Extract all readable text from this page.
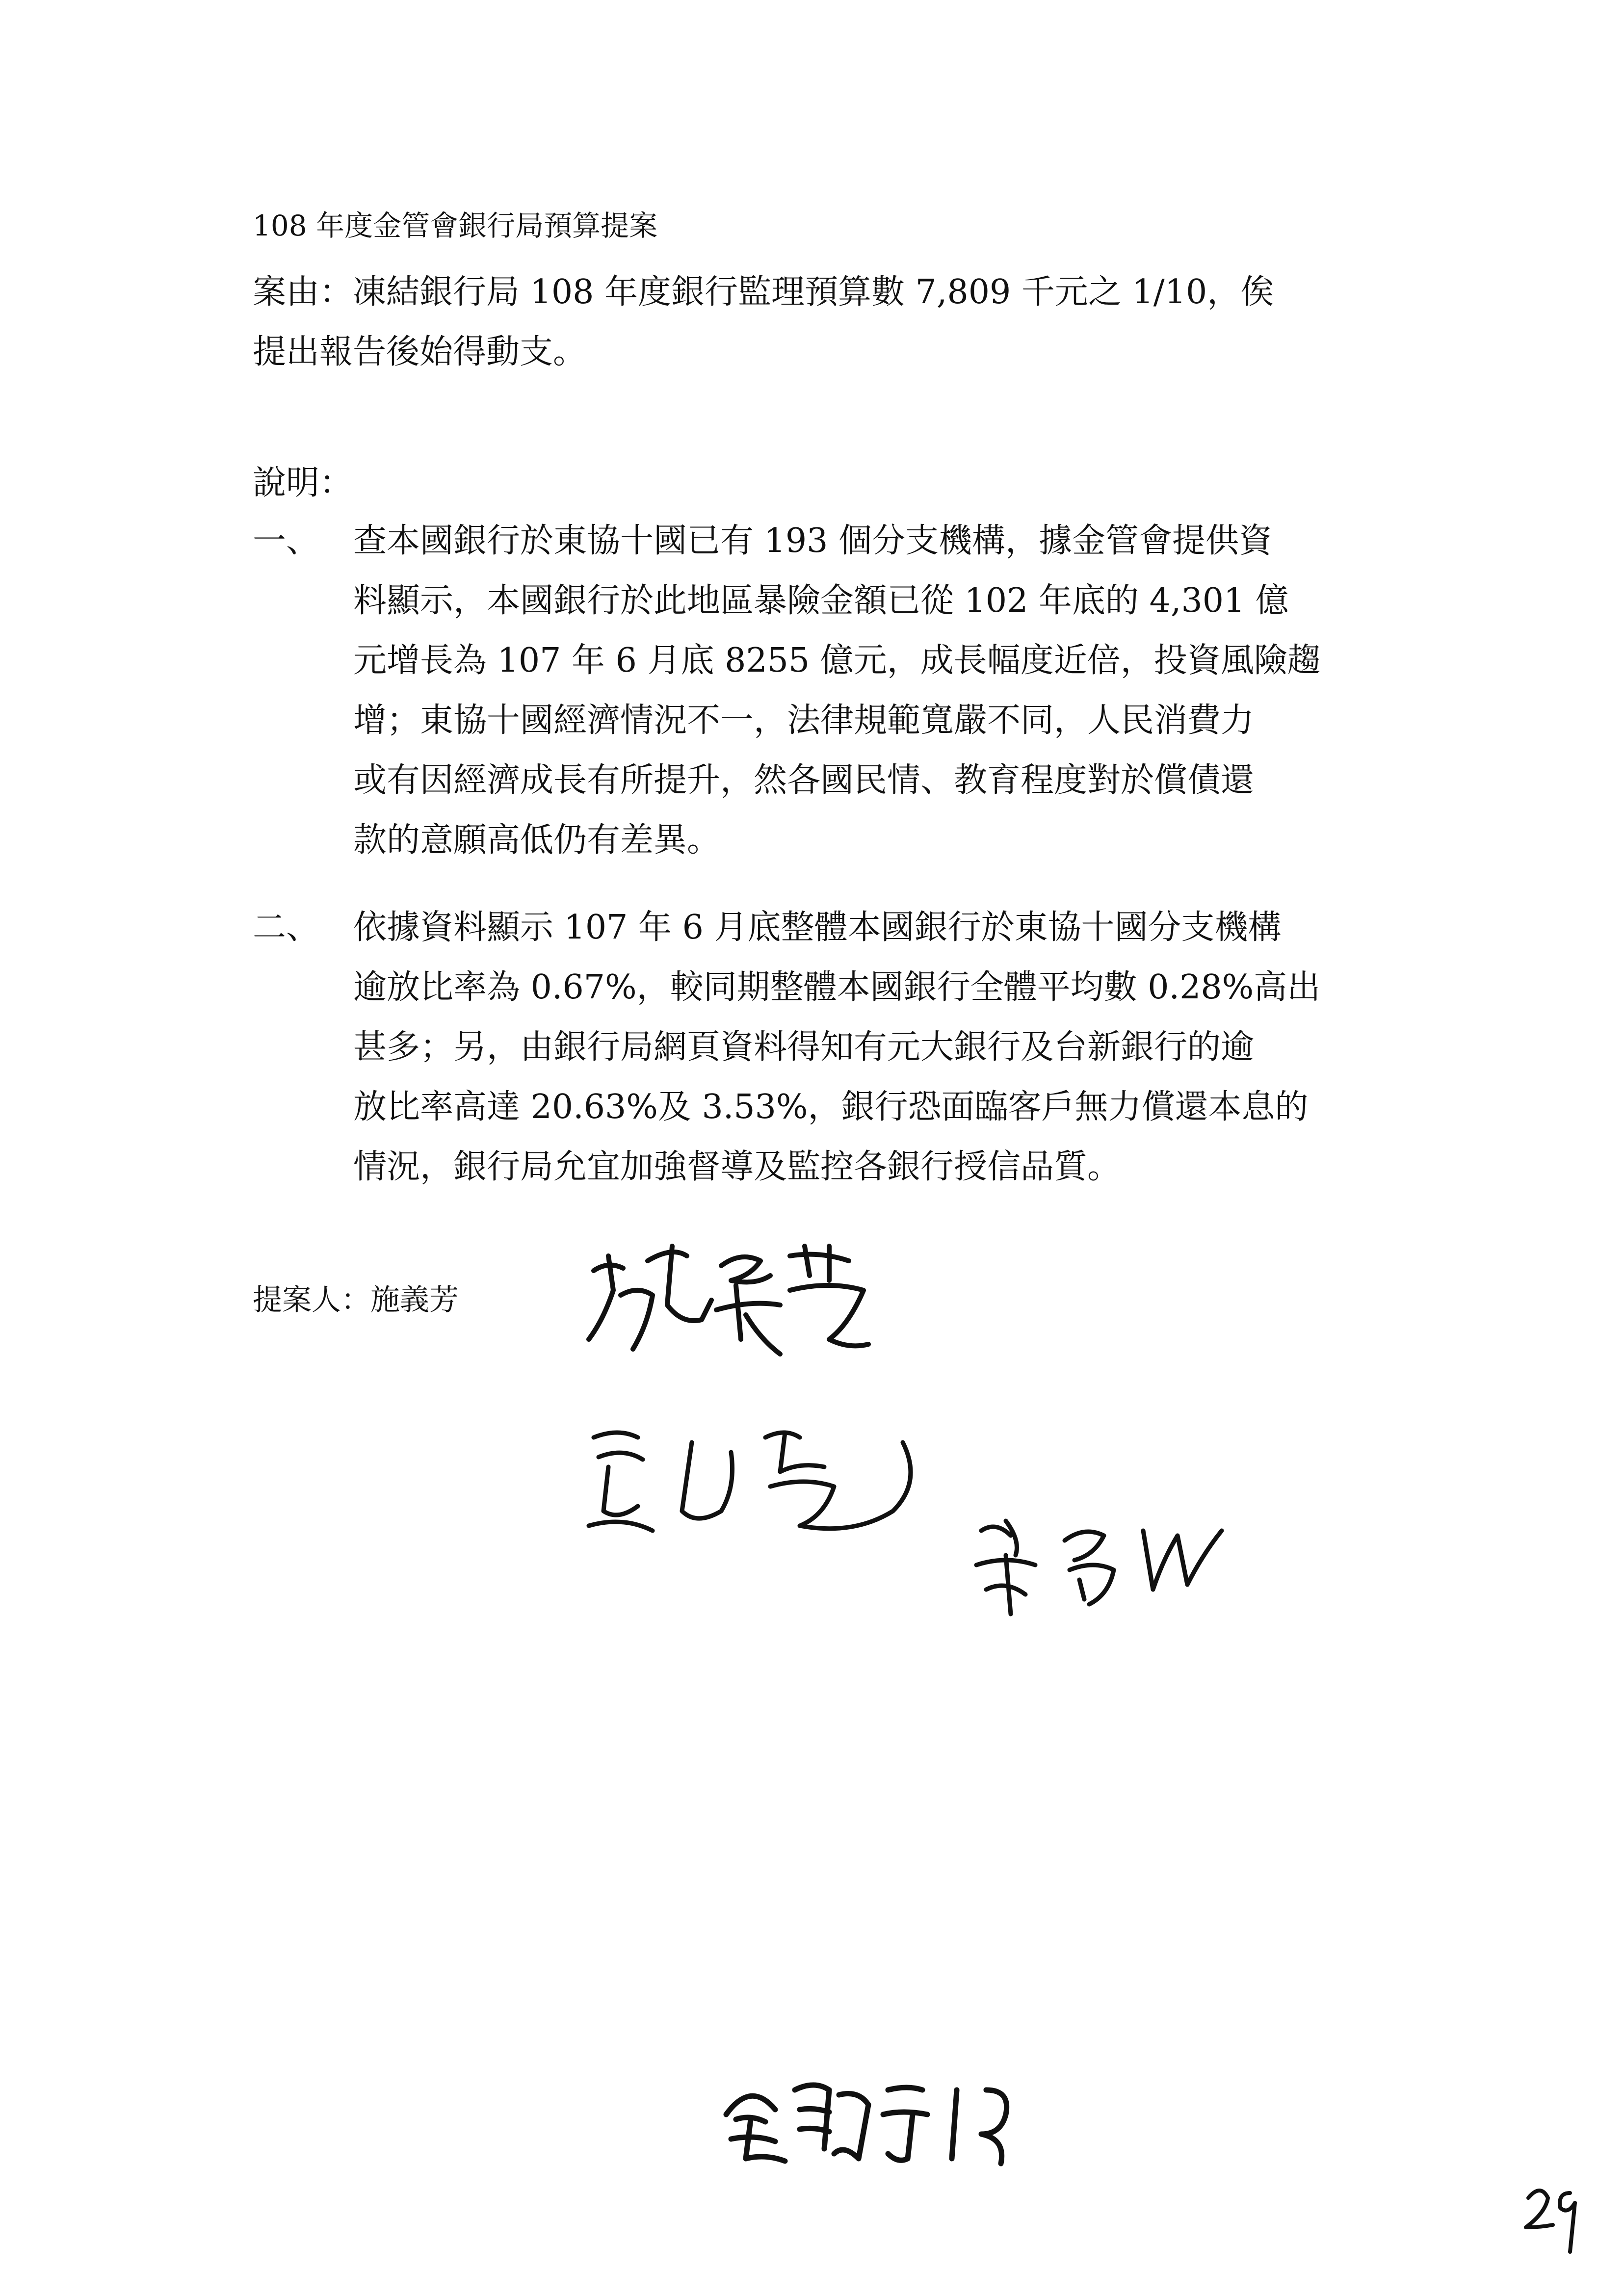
108 年度金管會銀行局預算提案
案由：凍結銀行局 108 年度銀行監理預算數 7,809 千元之 1/10，俟
提出報告後始得動支。
說明：
一、	查本國銀行於東協十國已有 193 個分支機構，據金管會提供資
料顯示，本國銀行於此地區暴險金額已從 102 年底的 4,301 億
元增長為 107 年 6 月底 8255 億元，成長幅度近倍，投資風險趨
增；東協十國經濟情況不一，法律規範寬嚴不同，人民消費力
或有因經濟成長有所提升，然各國民情、教育程度對於償債還
款的意願高低仍有差異。
二、	依據資料顯示 107 年 6 月底整體本國銀行於東協十國分支機構
逾放比率為 0.67%，較同期整體本國銀行全體平均數 0.28%高出
甚多；另，由銀行局網頁資料得知有元大銀行及台新銀行的逾
放比率高達 20.63%及 3.53%，銀行恐面臨客戶無力償還本息的
情況，銀行局允宜加強督導及監控各銀行授信品質。
提案人：施義芳
